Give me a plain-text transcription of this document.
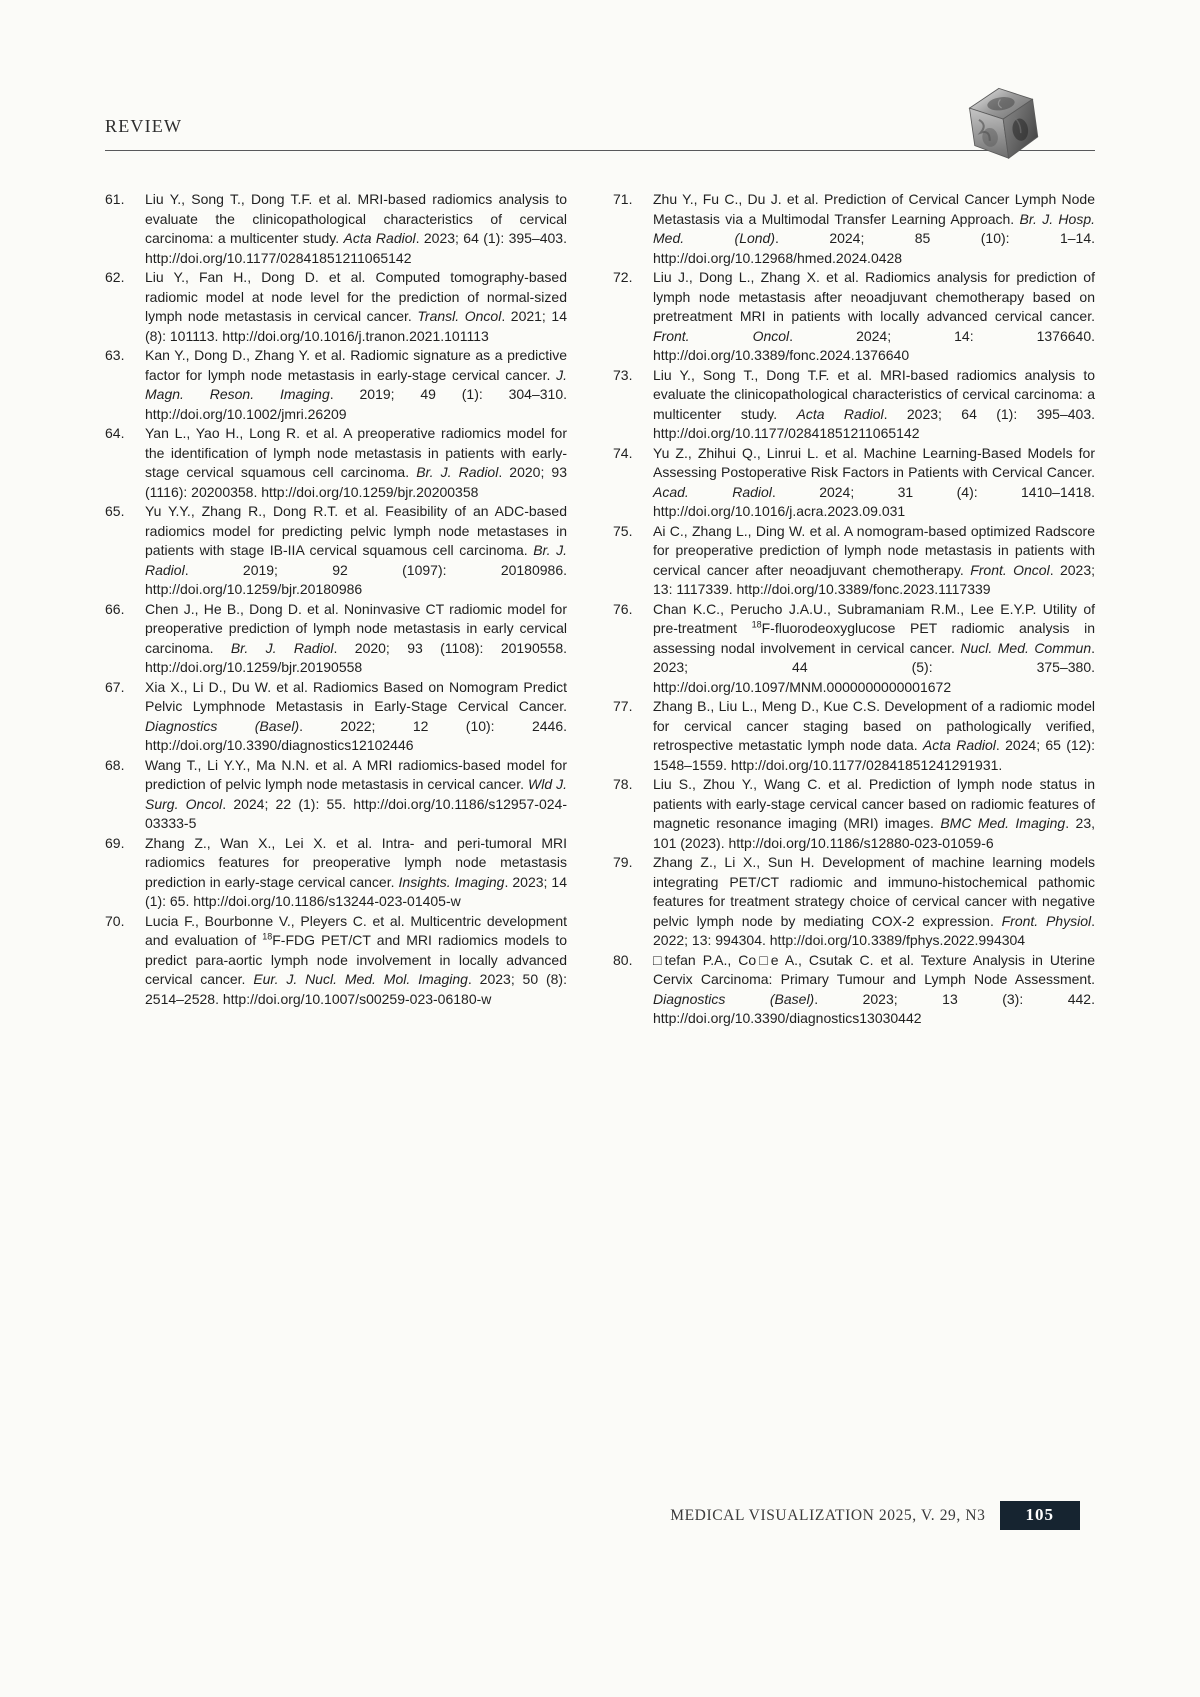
REVIEW
61.	Liu Y., Song T., Dong T.F. et al. MRI-based radiomics analysis to evaluate the clinicopathological characteristics of cervical carcinoma: a multicenter study. Acta Radiol. 2023; 64 (1): 395–403. http://doi.org/10.1177/02841851211065142
62.	Liu Y., Fan H., Dong D. et al. Computed tomography-based radiomic model at node level for the prediction of normal-sized lymph node metastasis in cervical cancer. Transl. Oncol. 2021; 14 (8): 101113. http://doi.org/10.1016/j.tranon.2021.101113
63.	Kan Y., Dong D., Zhang Y. et al. Radiomic signature as a predictive factor for lymph node metastasis in early-stage cervical cancer. J. Magn. Reson. Imaging. 2019; 49 (1): 304–310. http://doi.org/10.1002/jmri.26209
64.	Yan L., Yao H., Long R. et al. A preoperative radiomics model for the identification of lymph node metastasis in patients with early-stage cervical squamous cell carcinoma. Br. J. Radiol. 2020; 93 (1116): 20200358. http://doi.org/10.1259/bjr.20200358
65.	Yu Y.Y., Zhang R., Dong R.T. et al. Feasibility of an ADC-based radiomics model for predicting pelvic lymph node metastases in patients with stage IB-IIA cervical squamous cell carcinoma. Br. J. Radiol. 2019; 92 (1097): 20180986. http://doi.org/10.1259/bjr.20180986
66.	Chen J., He B., Dong D. et al. Noninvasive CT radiomic model for preoperative prediction of lymph node metastasis in early cervical carcinoma. Br. J. Radiol. 2020; 93 (1108): 20190558. http://doi.org/10.1259/bjr.20190558
67.	Xia X., Li D., Du W. et al. Radiomics Based on Nomogram Predict Pelvic Lymphnode Metastasis in Early-Stage Cervical Cancer. Diagnostics (Basel). 2022; 12 (10): 2446. http://doi.org/10.3390/diagnostics12102446
68.	Wang T., Li Y.Y., Ma N.N. et al. A MRI radiomics-based model for prediction of pelvic lymph node metastasis in cervical cancer. Wld J. Surg. Oncol. 2024; 22 (1): 55. http://doi.org/10.1186/s12957-024-03333-5
69.	Zhang Z., Wan X., Lei X. et al. Intra- and peri-tumoral MRI radiomics features for preoperative lymph node metastasis prediction in early-stage cervical cancer. Insights. Imaging. 2023; 14 (1): 65. http://doi.org/10.1186/s13244-023-01405-w
70.	Lucia F., Bourbonne V., Pleyers C. et al. Multicentric development and evaluation of $^{18}$F-FDG PET/CT and MRI radiomics models to predict para-aortic lymph node involvement in locally advanced cervical cancer. Eur. J. Nucl. Med. Mol. Imaging. 2023; 50 (8): 2514–2528. http://doi.org/10.1007/s00259-023-06180-w
71.	Zhu Y., Fu C., Du J. et al. Prediction of Cervical Cancer Lymph Node Metastasis via a Multimodal Transfer Learning Approach. Br. J. Hosp. Med. (Lond). 2024; 85 (10): 1–14. http://doi.org/10.12968/hmed.2024.0428
72.	Liu J., Dong L., Zhang X. et al. Radiomics analysis for prediction of lymph node metastasis after neoadjuvant chemotherapy based on pretreatment MRI in patients with locally advanced cervical cancer. Front. Oncol. 2024; 14: 1376640. http://doi.org/10.3389/fonc.2024.1376640
73.	Liu Y., Song T., Dong T.F. et al. MRI-based radiomics analysis to evaluate the clinicopathological characteristics of cervical carcinoma: a multicenter study. Acta Radiol. 2023; 64 (1): 395–403. http://doi.org/10.1177/02841851211065142
74.	Yu Z., Zhihui Q., Linrui L. et al. Machine Learning-Based Models for Assessing Postoperative Risk Factors in Patients with Cervical Cancer. Acad. Radiol. 2024; 31 (4): 1410–1418. http://doi.org/10.1016/j.acra.2023.09.031
75.	Ai C., Zhang L., Ding W. et al. A nomogram-based optimized Radscore for preoperative prediction of lymph node metastasis in patients with cervical cancer after neoadjuvant chemotherapy. Front. Oncol. 2023; 13: 1117339. http://doi.org/10.3389/fonc.2023.1117339
76.	Chan K.C., Perucho J.A.U., Subramaniam R.M., Lee E.Y.P. Utility of pre-treatment $^{18}$F-fluorodeoxyglucose PET radiomic analysis in assessing nodal involvement in cervical cancer. Nucl. Med. Commun. 2023; 44 (5): 375–380. http://doi.org/10.1097/MNM.0000000000001672
77.	Zhang B., Liu L., Meng D., Kue C.S. Development of a radiomic model for cervical cancer staging based on pathologically verified, retrospective metastatic lymph node data. Acta Radiol. 2024; 65 (12): 1548–1559. http://doi.org/10.1177/02841851241291931.
78.	Liu S., Zhou Y., Wang C. et al. Prediction of lymph node status in patients with early-stage cervical cancer based on radiomic features of magnetic resonance imaging (MRI) images. BMC Med. Imaging. 23, 101 (2023). http://doi.org/10.1186/s12880-023-01059-6
79.	Zhang Z., Li X., Sun H. Development of machine learning models integrating PET/CT radiomic and immuno-histochemical pathomic features for treatment strategy choice of cervical cancer with negative pelvic lymph node by mediating COX-2 expression. Front. Physiol. 2022; 13: 994304. http://doi.org/10.3389/fphys.2022.994304
80.	□tefan P.A., Co□e A., Csutak C. et al. Texture Analysis in Uterine Cervix Carcinoma: Primary Tumour and Lymph Node Assessment. Diagnostics (Basel). 2023; 13 (3): 442. http://doi.org/10.3390/diagnostics13030442
MEDICAL VISUALIZATION 2025, V. 29, N3	105
